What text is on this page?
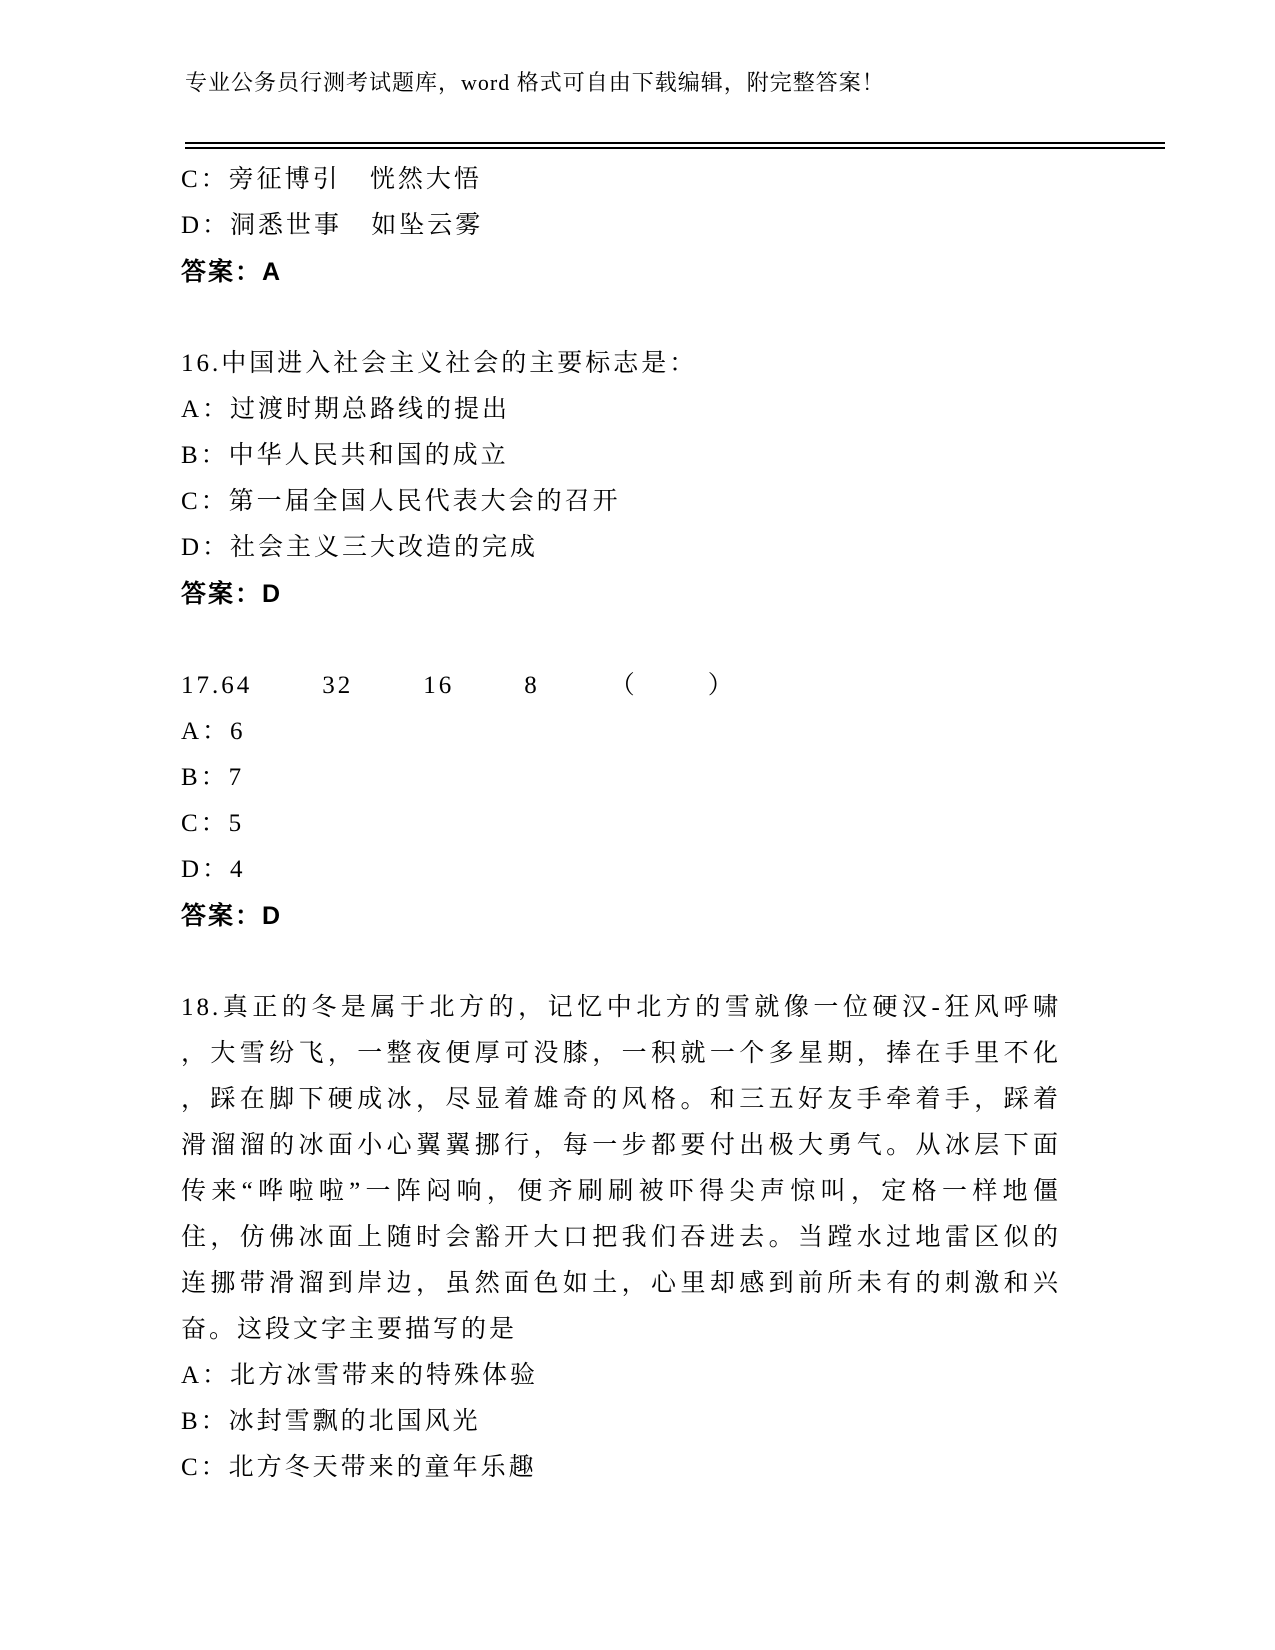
专业公务员行测考试题库，word 格式可自由下载编辑，附完整答案！
C：旁征博引 恍然大悟
D：洞悉世事 如坠云雾
答案：A
16.中国进入社会主义社会的主要标志是：
A：过渡时期总路线的提出
B：中华人民共和国的成立
C：第一届全国人民代表大会的召开
D：社会主义三大改造的完成
答案：D
17.64	32	16	8	（	）
A：6
B：7
C：5
D：4
答案：D
18.真正的冬是属于北方的，记忆中北方的雪就像一位硬汉-狂风呼啸
，大雪纷飞，一整夜便厚可没膝，一积就一个多星期，捧在手里不化
，踩在脚下硬成冰，尽显着雄奇的风格。和三五好友手牵着手，踩着
滑溜溜的冰面小心翼翼挪行，每一步都要付出极大勇气。从冰层下面
传来“哗啦啦”一阵闷响，便齐刷刷被吓得尖声惊叫，定格一样地僵
住，仿佛冰面上随时会豁开大口把我们吞进去。当蹚水过地雷区似的
连挪带滑溜到岸边，虽然面色如土，心里却感到前所未有的刺激和兴
奋。这段文字主要描写的是
A：北方冰雪带来的特殊体验
B：冰封雪飘的北国风光
C：北方冬天带来的童年乐趣
